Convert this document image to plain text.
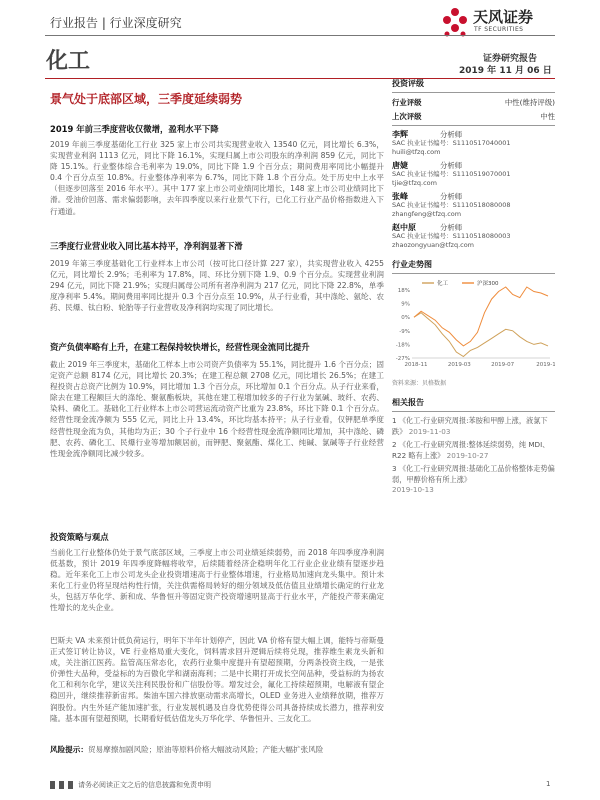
行业报告 | 行业深度研究	天风证券
TF SECURITIES
化工	证券研究报告
2019 年 11 月 06 日
景气处于底部区域，三季度延续弱势
2019 年前三季度营收仅微增，盈利水平下降
2019 年前三季度基础化工行业 325 家上市公司共实现营业收入 13540 亿元，同比增长 6.3%，实现营业利润 1113 亿元，同比下降 16.1%，实现归属上市公司股东的净利润 859 亿元，同比下降 15.1%。行业整体综合毛利率为 19.0%，同比下降 1.9 个百分点；期间费用率同比小幅提升 0.4 个百分点至 10.8%。行业整体净利率为 6.7%，同比下降 1.8 个百分点。处于历史中上水平（但逐步回落至 2016 年水平）。其中 177 家上市公司业绩同比增长，148 家上市公司业绩同比下滑。受油价回落、需求偏弱影响，去年四季度以来行业景气下行，已化工行业产品价格指数进入下行通道。
三季度行业营业收入同比基本持平，净利润显著下滑
2019 年第三季度基础化工行业样本上市公司（按可比口径计算 227 家），共实现营业收入 4255 亿元，同比增长 2.9%；毛利率为 17.8%，同、环比分别下降 1.9、0.9 个百分点。实现营业利润 294 亿元，同比下降 21.9%；实现归属母公司所有者净利润为 217 亿元，同比下降 22.8%，单季度净利率 5.4%。期间费用率同比提升 0.3 个百分点至 10.9%，从子行业看，其中涤纶、氨纶、农药、民爆、钛白粉、轮胎等子行业营收及净利润均实现了同比增长。
资产负债率略有上升，在建工程保持较快增长，经营性现金流同比提升
截止 2019 年三季度末，基础化工样本上市公司资产负债率为 55.1%，同比提升 1.6 个百分点；固定资产总额 8174 亿元，同比增长 20.3%；在建工程总额 2708 亿元，同比增长 26.5%；在建工程投资占总资产比例为 10.9%，同比增加 1.3 个百分点，环比增加 0.1 个百分点。从子行业来看，除去在建工程额巨大的涤纶、聚氨酯板块，其他在建工程增加较多的子行业为氯碱、玻纤、农药、染料、磷化工。基础化工行业样本上市公司营运流动资产比重为 23.8%，环比下降 0.1 个百分点。经营性现金流净额为 555 亿元，同比上升 13.4%，环比均基本持平；从子行业看，仅钾肥单季度经营性现金流为负，其他均为正；30 个子行业中 16 个经营性现金流净额同比增加，其中涤纶、磷肥、农药、磷化工、民爆行业等增加额居前，而钾肥、聚氨酯、煤化工、纯碱、氯碱等子行业经营性现金流净额同比减少较多。
投资策略与观点
当前化工行业整体仍处于景气底部区域，三季度上市公司业绩延续弱势，而 2018 年四季度净利润低基数，预计 2019 年四季度降幅将收窄，后续随着经济企稳明年化工行业企业业绩有望逐步趋稳。近年来化工上市公司龙头企业投资增速高于行业整体增速，行业格局加速向龙头集中。预计未来化工行业仍将呈现结构性行情，关注供需格局转好的细分领域及低估值且业绩增长确定的行业龙头，包括万华化学、新和成、华鲁恒升等固定资产投资增速明显高于行业水平，产能投产带来确定性增长的龙头企业。
巴斯夫 VA 未来预计低负荷运行，明年下半年计划停产，因此 VA 价格有望大幅上调，能特与帝斯曼正式签订转让协议，VE 行业格局重大变化，饲料需求回升逻辑后续将兑现，推荐维生素龙头新和成，关注浙江医药。监管高压常态化，农药行业集中度提升有望超预期，分两条投资主线，一是张价弹性大品种，受益标的为百傲化学和湖南海利；二是中长期打开成长空间品种，受益标的为扬农化工和利尔化学，建议关注利民股份和广信股份等。增发过会，氟化工持续超预期，电解液有望企稳回升，继续推荐新宙邦。柴油车国六排放驱动需求高增长，OLED 业务进入业绩释放期，推荐万润股份。内生外延产能加速扩张，行业发展机遇及自身优势使得公司具备持续成长潜力，推荐利安隆。基本面有望超预期，长期看好低估值龙头万华化学、华鲁恒升、三友化工。
风险提示：贸易摩擦加剧风险；原油等原料价格大幅波动风险；产能大幅扩张风险
投资评级
行业评级	中性(维持评级)
上次评级	中性
李辉	分析师
SAC 执业证书编号：S1110517040001
huili@tfzq.com
唐婕	分析师
SAC 执业证书编号：S1110519070001
tjie@tfzq.com
张峰	分析师
SAC 执业证书编号：S1110518080008
zhangfeng@tfzq.com
赵中原	分析师
SAC 执业证书编号：S1110518080003
zhaozongyuan@tfzq.com
行业走势图
18%
9%
0%
-9%
-18%
-27%
2018-11	2019-03	2019-07	2019-1
化工	沪深300
资料来源：贝格数据
相关报告
1 《化工-行业研究周报:苯胺和甲醇上涨，液氯下跌》 2019-11-03
2 《化工-行业研究周报:整体延续弱势，纯 MDI、R22 略有上涨》 2019-10-27
3 《化工-行业研究周报:基础化工品价格整体走势偏弱，甲醇价格有所上涨》
2019-10-13
请务必阅读正文之后的信息披露和免责申明	1
